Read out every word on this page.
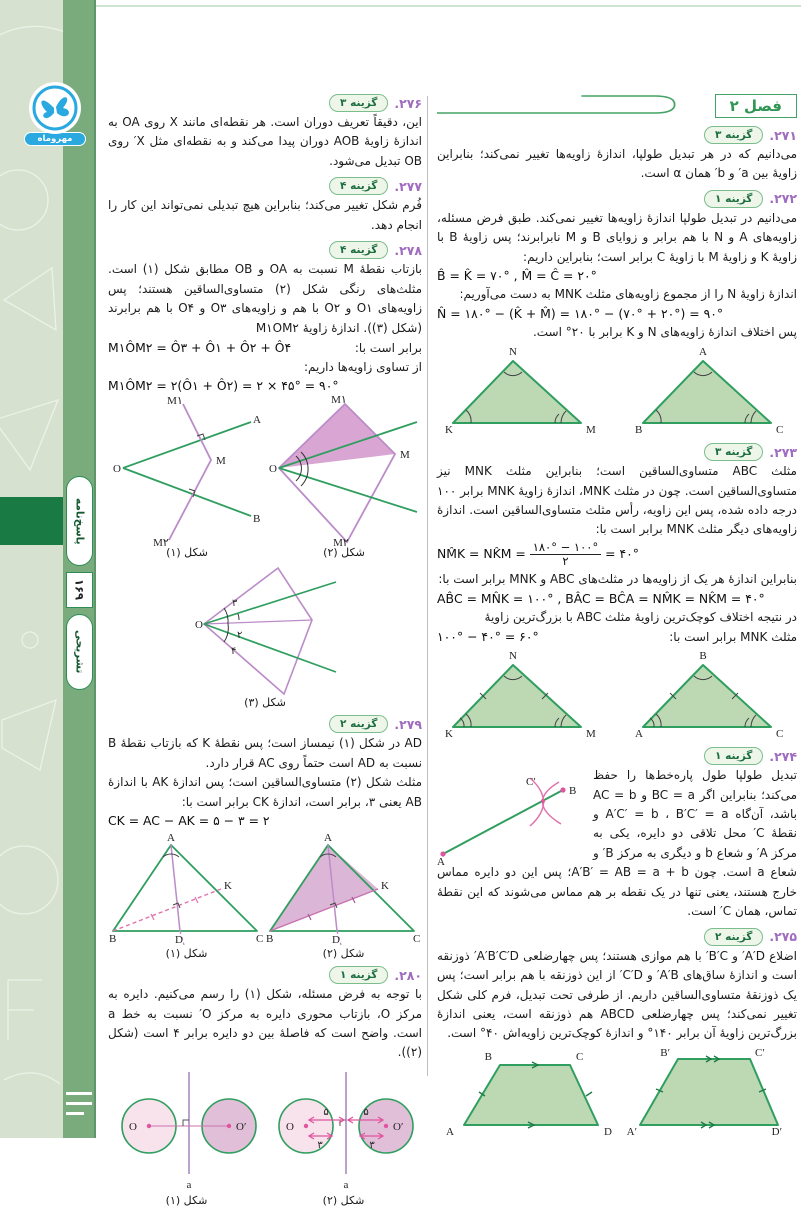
پاسخ‌نامه
۱۶۹
تشریحی
مهروماه
فصل ۲
۲۷۱.
گزینه ۳

می‌دانیم که در هر تبدیل طولپا، اندازهٔ زاویه‌ها تغییر نمی‌کند؛ بنابراین زاویهٔ بین a′ و b′ همان α است.

۲۷۲.
گزینه ۱

می‌دانیم در تبدیل طولپا اندازهٔ زاویه‌ها تغییر نمی‌کند. طبق فرض مسئله، زاویه‌های A و N با هم برابر و زوایای B و M نابرابرند؛ پس زاویهٔ B با زاویهٔ K و زاویهٔ M با زاویهٔ C برابر است؛ بنابراین داریم:

B̂ = K̂ = ۷۰° , M̂ = Ĉ = ۲۰°

اندازهٔ زاویهٔ N را از مجموع زاویه‌های مثلث MNK به دست می‌آوریم:

N̂ = ۱۸۰° − (K̂ + M̂) = ۱۸۰° − (۷۰° + ۲۰°) = ۹۰°

پس اختلاف اندازهٔ زاویه‌های N و K برابر با ۲۰° است.

N
K	M
A
B	C
۲۷۳.
گزینه ۳

مثلث ABC متساوی‌الساقین است؛ بنابراین مثلث MNK نیز متساوی‌الساقین است. چون در مثلث MNK، اندازهٔ زاویهٔ MNK برابر ۱۰۰ درجه داده شده، پس این زاویه، رأس مثلث متساوی‌الساقین است. اندازهٔ زاویه‌های دیگر مثلث MNK برابر است با:

NM̂K = NK̂M = $\frac{۱۸۰^\circ - ۱۰۰^\circ}{۲}$ = ۴۰°

بنابراین اندازهٔ هر یک از زاویه‌ها در مثلث‌های ABC و MNK برابر است با:

AB̂C = MN̂K = ۱۰۰° , BÂC = BĈA = NM̂K = NK̂M = ۴۰°

در نتیجه اختلاف کوچک‌ترین زاویهٔ مثلث ABC با بزرگ‌ترین زاویهٔ

۱۰۰° − ۴۰° = ۶۰°	مثلث MNK برابر است با:
N
K	M
B
A	C
۲۷۴.
گزینه ۱
A
B
C′	تبدیل طولپا طول پاره‌خط‌ها را حفظ می‌کند؛ بنابراین اگر BC = a و AC = b باشد، آن‌گاه A′C′ = b ، B′C′ = a و نقطهٔ C′ محل تلاقی دو دایره، یکی به مرکز A′ و شعاع b و دیگری به مرکز B′ و شعاع a است. چون A′B′ = AB = a + b؛ پس این دو دایره مماس خارج هستند، یعنی تنها در یک نقطه بر هم مماس می‌شوند که این نقطهٔ تماس، همان C′ است.

۲۷۵.
گزینه ۲

اضلاع A′D′ و B′C′ با هم موازی هستند؛ پس چهارضلعی A′B′C′D′ ذوزنقه است و اندازهٔ ساق‌های A′B′ و C′D′ از این ذوزنقه با هم برابر است؛ پس یک ذوزنقهٔ متساوی‌الساقین داریم. از طرفی تحت تبدیل، فرم کلی شکل تغییر نمی‌کند؛ پس چهارضلعی ABCD هم ذوزنقه است، یعنی اندازهٔ بزرگ‌ترین زاویهٔ آن برابر ۱۴۰° و اندازهٔ کوچک‌ترین زاویه‌اش ۴۰° است.

B	C
A	D
B′	C′
A′	D′
۲۷۶.
گزینه ۳

این، دقیقاً تعریف دوران است. هر نقطه‌ای مانند X روی OA به اندازهٔ زاویهٔ AOB دوران پیدا می‌کند و به نقطه‌ای مثل X′ روی OB تبدیل می‌شود.

۲۷۷.
گزینه ۴

فُرم شکل تغییر می‌کند؛ بنابراین هیچ تبدیلی نمی‌تواند این کار را انجام دهد.

۲۷۸.
گزینه ۴

بازتاب نقطهٔ M نسبت به OA و OB مطابق شکل (۱) است. مثلث‌های رنگی شکل (۲) متساوی‌الساقین هستند؛ پس زاویه‌های O۱ و O۲ با هم و زاویه‌های O۳ و O۴ با هم برابرند (شکل (۳)). اندازهٔ زاویهٔ M۱OM۲

M۱ÔM۲ = Ô۳ + Ô۱ + Ô۲ + Ô۴	برابر است با:

از تساوی زاویه‌ها داریم:

M۱ÔM۲ = ۲(Ô۱ + Ô۲) = ۲ × ۴۵° = ۹۰°
O
A
B
M
M۱
M۲
شکل (۱)
M۱
M
M۲
O
شکل (۲)
O
۳
۱
۲
۴
شکل (۳)
۲۷۹.
گزینه ۲

AD در شکل (۱) نیمساز است؛ پس نقطهٔ K که بازتاب نقطهٔ B نسبت به AD است حتماً روی AC قرار دارد.

مثلث شکل (۲) متساوی‌الساقین است؛ پس اندازهٔ AK با اندازهٔ AB یعنی ۳، برابر است، اندازهٔ CK برابر است با:

CK = AC − AK = ۵ − ۳ = ۲
A
B	C
D
K
شکل (۱)
A
B	C
D
K
شکل (۲)
۲۸۰.
گزینه ۱

با توجه به فرض مسئله، شکل (۱) را رسم می‌کنیم. دایره به مرکز O، بازتاب محوری دایره به مرکز O′ نسبت به خط a است. واضح است که فاصلهٔ بین دو دایره برابر ۴ است (شکل (۲)).

O	O′
a
شکل (۱)
O	O′
a
۵	۵
۳	۳
شکل (۲)
